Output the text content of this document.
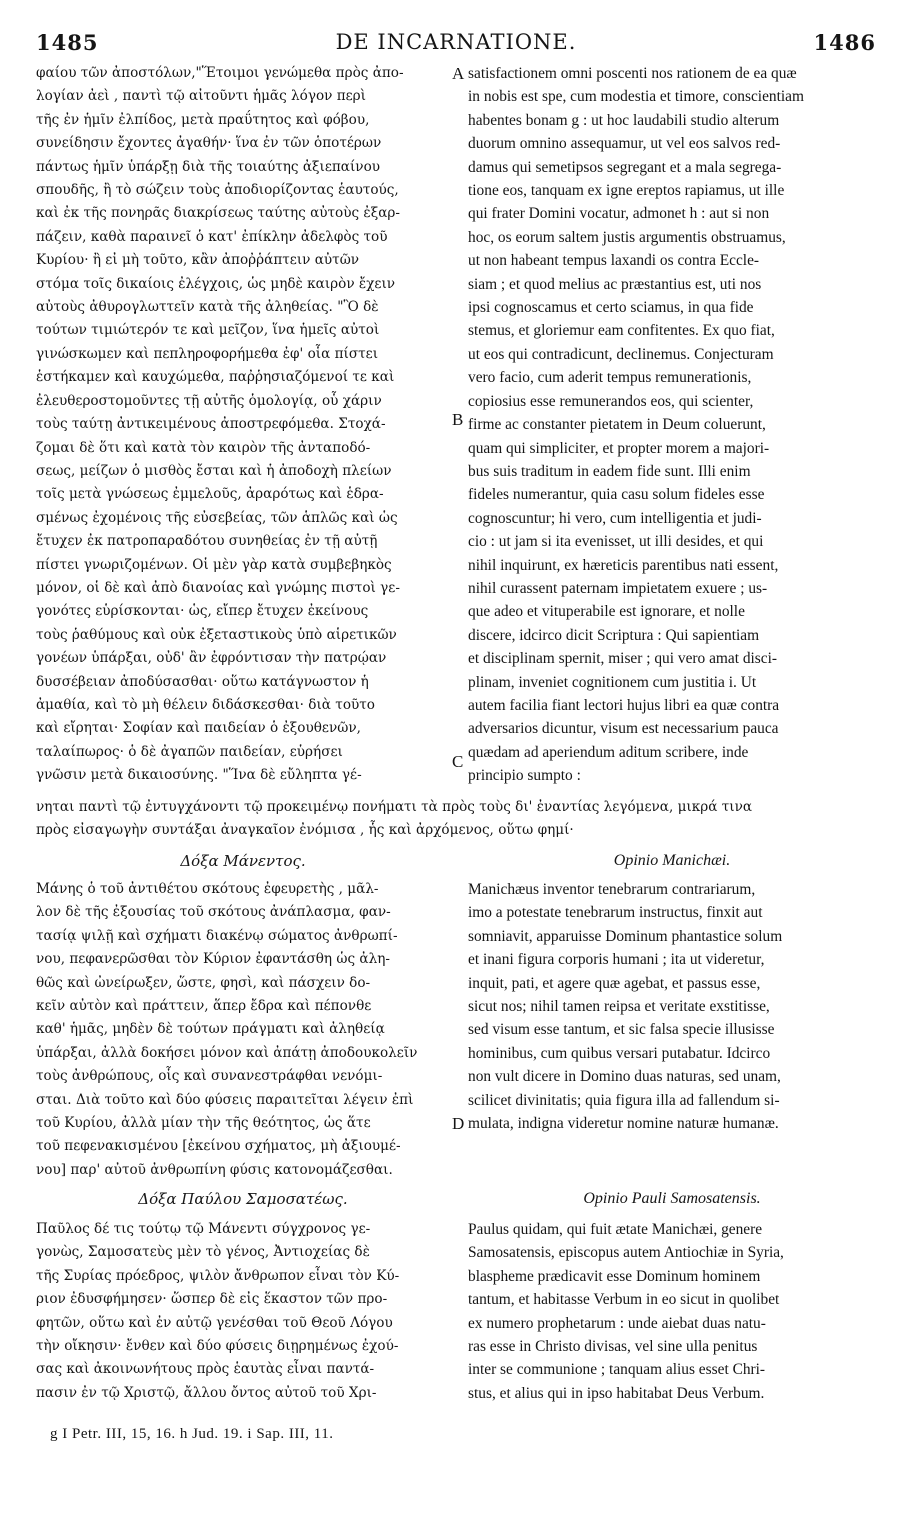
1485	DE INCARNATIONE.	1486
φαίου τῶν ἀποστόλων,"Ἕτοιμοι γενώμεθα πρὸς ἀπο-
λογίαν ἀεὶ , παντὶ τῷ αἰτοῦντι ἡμᾶς λόγον περὶ
τῆς ἐν ἡμῖν ἐλπίδος, μετὰ πραΰτητος καὶ φόβου,
συνείδησιν ἔχοντες ἀγαθήν· ἵνα ἐν τῶν ὁποτέρων
πάντως ἡμῖν ὑπάρξῃ διὰ τῆς τοιαύτης ἀξιεπαίνου
σπουδῆς, ἢ τὸ σώζειν τοὺς ἀποδιορίζοντας ἑαυτούς,
καὶ ἐκ τῆς πονηρᾶς διακρίσεως ταύτης αὐτοὺς ἐξαρ-
πάζειν, καθὰ παραινεῖ ὁ κατ' ἐπίκλην ἀδελφὸς τοῦ
Κυρίου· ἢ εἰ μὴ τοῦτο, κἂν ἀποῤῥάπτειν αὐτῶν
στόμα τοῖς δικαίοις ἐλέγχοις, ὡς μηδὲ καιρὸν ἔχειν
αὐτοὺς ἀθυρογλωττεῖν κατὰ τῆς ἀληθείας. "Ὃ δὲ
τούτων τιμιώτερόν τε καὶ μεῖζον, ἵνα ἡμεῖς αὐτοὶ
γινώσκωμεν καὶ πεπληροφορήμεθα ἐφ' οἷα πίστει
ἑστήκαμεν καὶ καυχώμεθα, παῤῥησιαζόμενοί τε καὶ
ἐλευθεροστομοῦντες τῇ αὐτῆς ὁμολογίᾳ, οὗ χάριν
τοὺς ταύτῃ ἀντικειμένους ἀποστρεφόμεθα. Στοχά-
ζομαι δὲ ὅτι καὶ κατὰ τὸν καιρὸν τῆς ἀνταποδό-
σεως, μείζων ὁ μισθὸς ἔσται καὶ ἡ ἀποδοχὴ πλείων
τοῖς μετὰ γνώσεως ἐμμελοῦς, ἀραρότως καὶ ἑδρα-
σμένως ἐχομένοις τῆς εὐσεβείας, τῶν ἁπλῶς καὶ ὡς
ἔτυχεν ἐκ πατροπαραδότου συνηθείας ἐν τῇ αὐτῇ
πίστει γνωριζομένων. Οἱ μὲν γὰρ κατὰ συμβεβηκὸς
μόνον, οἱ δὲ καὶ ἀπὸ διανοίας καὶ γνώμης πιστοὶ γε-
γονότες εὑρίσκονται· ὡς, εἴπερ ἔτυχεν ἐκείνους
τοὺς ῥαθύμους καὶ οὐκ ἐξεταστικοὺς ὑπὸ αἱρετικῶν
γονέων ὑπάρξαι, οὐδ' ἂν ἐφρόντισαν τὴν πατρῴαν
δυσσέβειαν ἀποδύσασθαι· οὕτω κατάγνωστον ἡ
ἀμαθία, καὶ τὸ μὴ θέλειν διδάσκεσθαι· διὰ τοῦτο
καὶ εἴρηται· Σοφίαν καὶ παιδείαν ὁ ἐξουθενῶν,
ταλαίπωρος· ὁ δὲ ἀγαπῶν παιδείαν, εὑρήσει
γνῶσιν μετὰ δικαιοσύνης. "Ἵνα δὲ εὔληπτα γέ-
satisfactionem omni poscenti nos rationem de ea quæ
in nobis est spe, cum modestia et timore, conscientiam
habentes bonam g : ut hoc laudabili studio alterum
duorum omnino assequamur, ut vel eos salvos red-
damus qui semetipsos segregant et a mala segrega-
tione eos, tanquam ex igne ereptos rapiamus, ut ille
qui frater Domini vocatur, admonet h : aut si non
hoc, os eorum saltem justis argumentis obstruamus,
ut non habeant tempus laxandi os contra Eccle-
siam ; et quod melius ac præstantius est, uti nos
ipsi cognoscamus et certo sciamus, in qua fide
stemus, et gloriemur eam confitentes. Ex quo fiat,
ut eos qui contradicunt, declinemus. Conjecturam
vero facio, cum aderit tempus remunerationis,
copiosius esse remunerandos eos, qui scienter,
firme ac constanter pietatem in Deum coluerunt,
quam qui simpliciter, et propter morem a majori-
bus suis traditum in eadem fide sunt. Illi enim
fideles numerantur, quia casu solum fideles esse
cognoscuntur; hi vero, cum intelligentia et judi-
cio : ut jam si ita evenisset, ut illi desides, et qui
nihil inquirunt, ex hæreticis parentibus nati essent,
nihil curassent paternam impietatem exuere ; us-
que adeo et vituperabile est ignorare, et nolle
discere, idcirco dicit Scriptura : Qui sapientiam
et disciplinam spernit, miser ; qui vero amat disci-
plinam, inveniet cognitionem cum justitia i. Ut
autem facilia fiant lectori hujus libri ea quæ contra
adversarios dicuntur, visum est necessarium pauca
quædam ad aperiendum aditum scribere, inde
principio sumpto :
νηται παντὶ τῷ ἐντυγχάνοντι τῷ προκειμένῳ πονήματι τὰ πρὸς τοὺς δι' ἐναντίας λεγόμενα, μικρά τινα
πρὸς εἰσαγωγὴν συντάξαι ἀναγκαῖον ἐνόμισα , ἧς καὶ ἀρχόμενος, οὕτω φημί·
Δόξα Μάνεντος.	Opinio Manichæi.
Μάνης ὁ τοῦ ἀντιθέτου σκότους ἐφευρετὴς , μᾶλ-
λον δὲ τῆς ἐξουσίας τοῦ σκότους ἀνάπλασμα, φαν-
τασίᾳ ψιλῇ καὶ σχήματι διακένῳ σώματος ἀνθρωπί-
νου, πεφανερῶσθαι τὸν Κύριον ἐφαντάσθη ὡς ἀλη-
θῶς καὶ ὠνείρωξεν, ὥστε, φησὶ, καὶ πάσχειν δο-
κεῖν αὐτὸν καὶ πράττειν, ἅπερ ἔδρα καὶ πέπονθε
καθ' ἡμᾶς, μηδὲν δὲ τούτων πράγματι καὶ ἀληθείᾳ
ὑπάρξαι, ἀλλὰ δοκήσει μόνον καὶ ἀπάτῃ ἀποδουκολεῖν
τοὺς ἀνθρώπους, οἷς καὶ συνανεστράφθαι νενόμι-
σται. Διὰ τοῦτο καὶ δύο φύσεις παραιτεῖται λέγειν ἐπὶ
τοῦ Κυρίου, ἀλλὰ μίαν τὴν τῆς θεότητος, ὡς ἅτε
τοῦ πεφενακισμένου [ἐκείνου σχήματος, μὴ ἀξιουμέ-
νου] παρ' αὐτοῦ ἀνθρωπίνη φύσις κατονομάζεσθαι.
Manichæus inventor tenebrarum contrariarum,
imo a potestate tenebrarum instructus, finxit aut
somniavit, apparuisse Dominum phantastice solum
et inani figura corporis humani ; ita ut videretur,
inquit, pati, et agere quæ agebat, et passus esse,
sicut nos; nihil tamen reipsa et veritate exstitisse,
sed visum esse tantum, et sic falsa specie illusisse
hominibus, cum quibus versari putabatur. Idcirco
non vult dicere in Domino duas naturas, sed unam,
scilicet divinitatis; quia figura illa ad fallendum si-
mulata, indigna videretur nomine naturæ humanæ.
Δόξα Παύλου Σαμοσατέως.	Opinio Pauli Samosatensis.
Παῦλος δέ τις τούτῳ τῷ Μάνεντι σύγχρονος γε-
γονὼς, Σαμοσατεὺς μὲν τὸ γένος, Ἀντιοχείας δὲ
τῆς Συρίας πρόεδρος, ψιλὸν ἄνθρωπον εἶναι τὸν Κύ-
ριον ἐδυσφήμησεν· ὥσπερ δὲ εἰς ἕκαστον τῶν προ-
φητῶν, οὕτω καὶ ἐν αὐτῷ γενέσθαι τοῦ Θεοῦ Λόγου
τὴν οἴκησιν· ἔνθεν καὶ δύο φύσεις διῃρημένως ἐχού-
σας καὶ ἀκοινωνήτους πρὸς ἑαυτὰς εἶναι παντά-
πασιν ἐν τῷ Χριστῷ, ἄλλου ὄντος αὐτοῦ τοῦ Χρι-
Paulus quidam, qui fuit ætate Manichæi, genere
Samosatensis, episcopus autem Antiochiæ in Syria,
blaspheme prædicavit esse Dominum hominem
tantum, et habitasse Verbum in eo sicut in quolibet
ex numero prophetarum : unde aiebat duas natu-
ras esse in Christo divisas, vel sine ulla penitus
inter se communione ; tanquam alius esset Chri-
stus, et alius qui in ipso habitabat Deus Verbum.
A
B
C
D
g I Petr. III, 15, 16. h Jud. 19. i Sap. III, 11.
